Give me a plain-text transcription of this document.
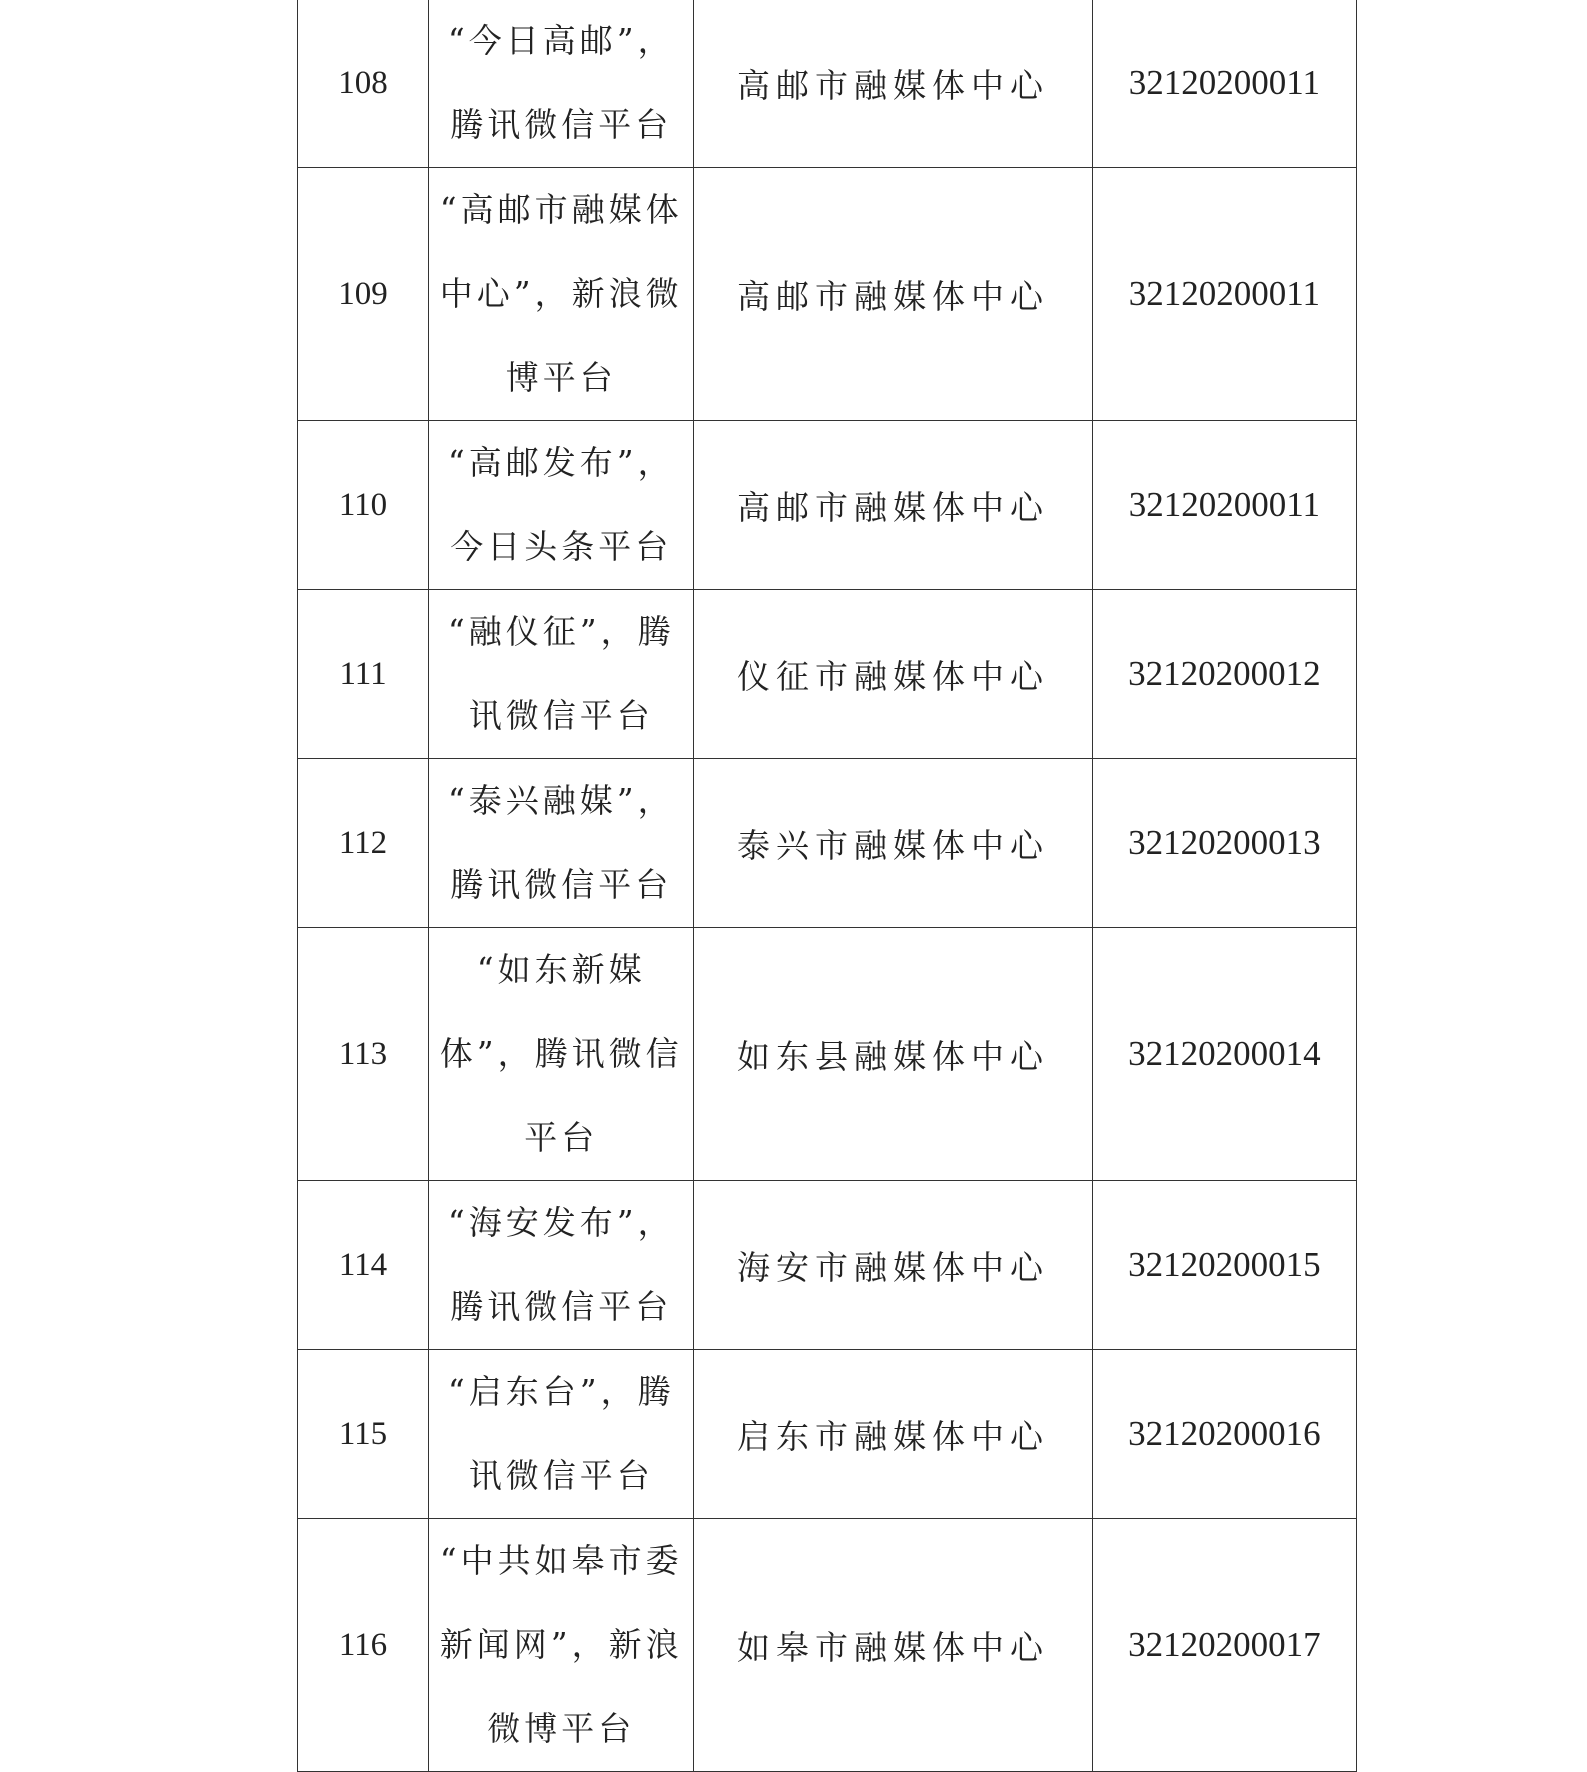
108	“今日高邮”，腾讯微信平台	高邮市融媒体中心	32120200011
109	“高邮市融媒体中心”，新浪微博平台	高邮市融媒体中心	32120200011
110	“高邮发布”，今日头条平台	高邮市融媒体中心	32120200011
111	“融仪征”，腾讯微信平台	仪征市融媒体中心	32120200012
112	“泰兴融媒”，腾讯微信平台	泰兴市融媒体中心	32120200013
113	“如东新媒体”，腾讯微信平台	如东县融媒体中心	32120200014
114	“海安发布”，腾讯微信平台	海安市融媒体中心	32120200015
115	“启东台”，腾讯微信平台	启东市融媒体中心	32120200016
116	“中共如皋市委新闻网”，新浪微博平台	如皋市融媒体中心	32120200017
